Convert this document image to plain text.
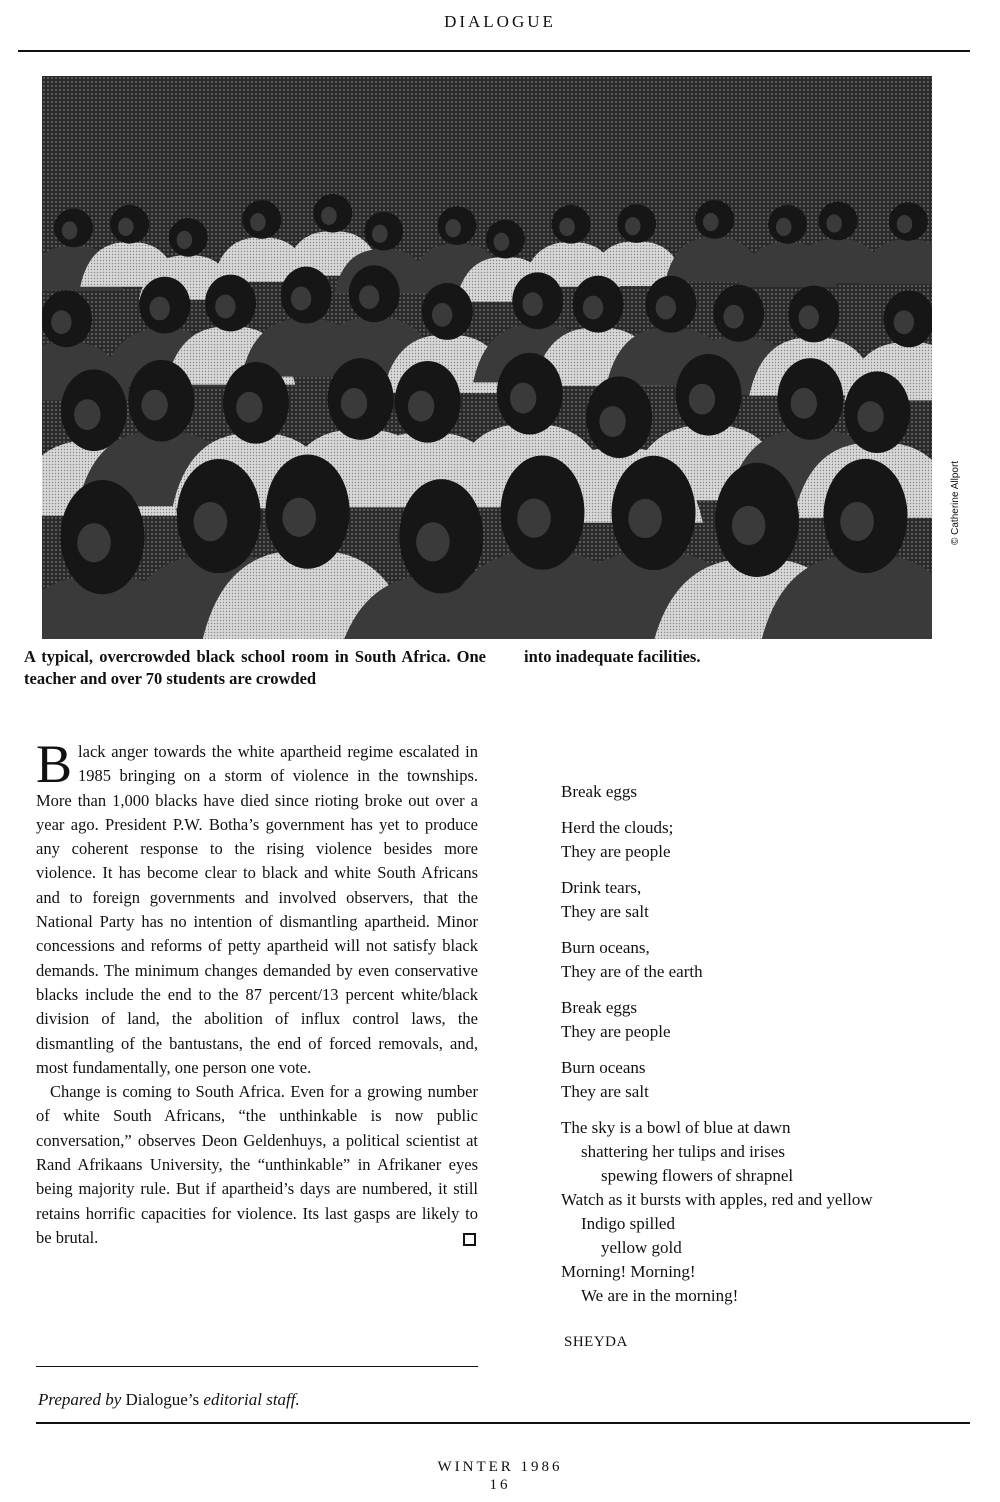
DIALOGUE
© Catherine Allport
A typical, overcrowded black school room in South Africa. One teacher and over 70 students are crowded
into inadequate facilities.

Black anger towards the white apartheid regime escalated in 1985 bringing on a storm of violence in the townships. More than 1,000 blacks have died since rioting broke out over a year ago. President P.W. Botha’s government has yet to produce any coherent response to the rising violence besides more violence. It has become clear to black and white South Africans and to foreign governments and involved observers, that the National Party has no intention of dismantling apartheid. Minor concessions and reforms of petty apartheid will not satisfy black demands. The minimum changes demanded by even conservative blacks include the end to the 87 percent/13 percent white/black division of land, the abolition of influx control laws, the dismantling of the bantustans, the end of forced removals, and, most fundamentally, one person one vote.

Change is coming to South Africa. Even for a growing number of white South Africans, “the unthinkable is now public conversation,” observes Deon Geldenhuys, a political scientist at Rand Afrikaans University, the “unthinkable” in Afrikaner eyes being majority rule. But if apartheid’s days are numbered, it still retains horrific capacities for violence. Its last gasps are likely to be brutal.

Break eggs
Herd the clouds;
They are people
Drink tears,
They are salt
Burn oceans,
They are of the earth
Break eggs
They are people
Burn oceans
They are salt
The sky is a bowl of blue at dawn
shattering her tulips and irises
spewing flowers of shrapnel
Watch as it bursts with apples, red and yellow
Indigo spilled
yellow gold
Morning! Morning!
We are in the morning!
SHEYDA
Prepared by Dialogue’s editorial staff.
WINTER 1986
16
